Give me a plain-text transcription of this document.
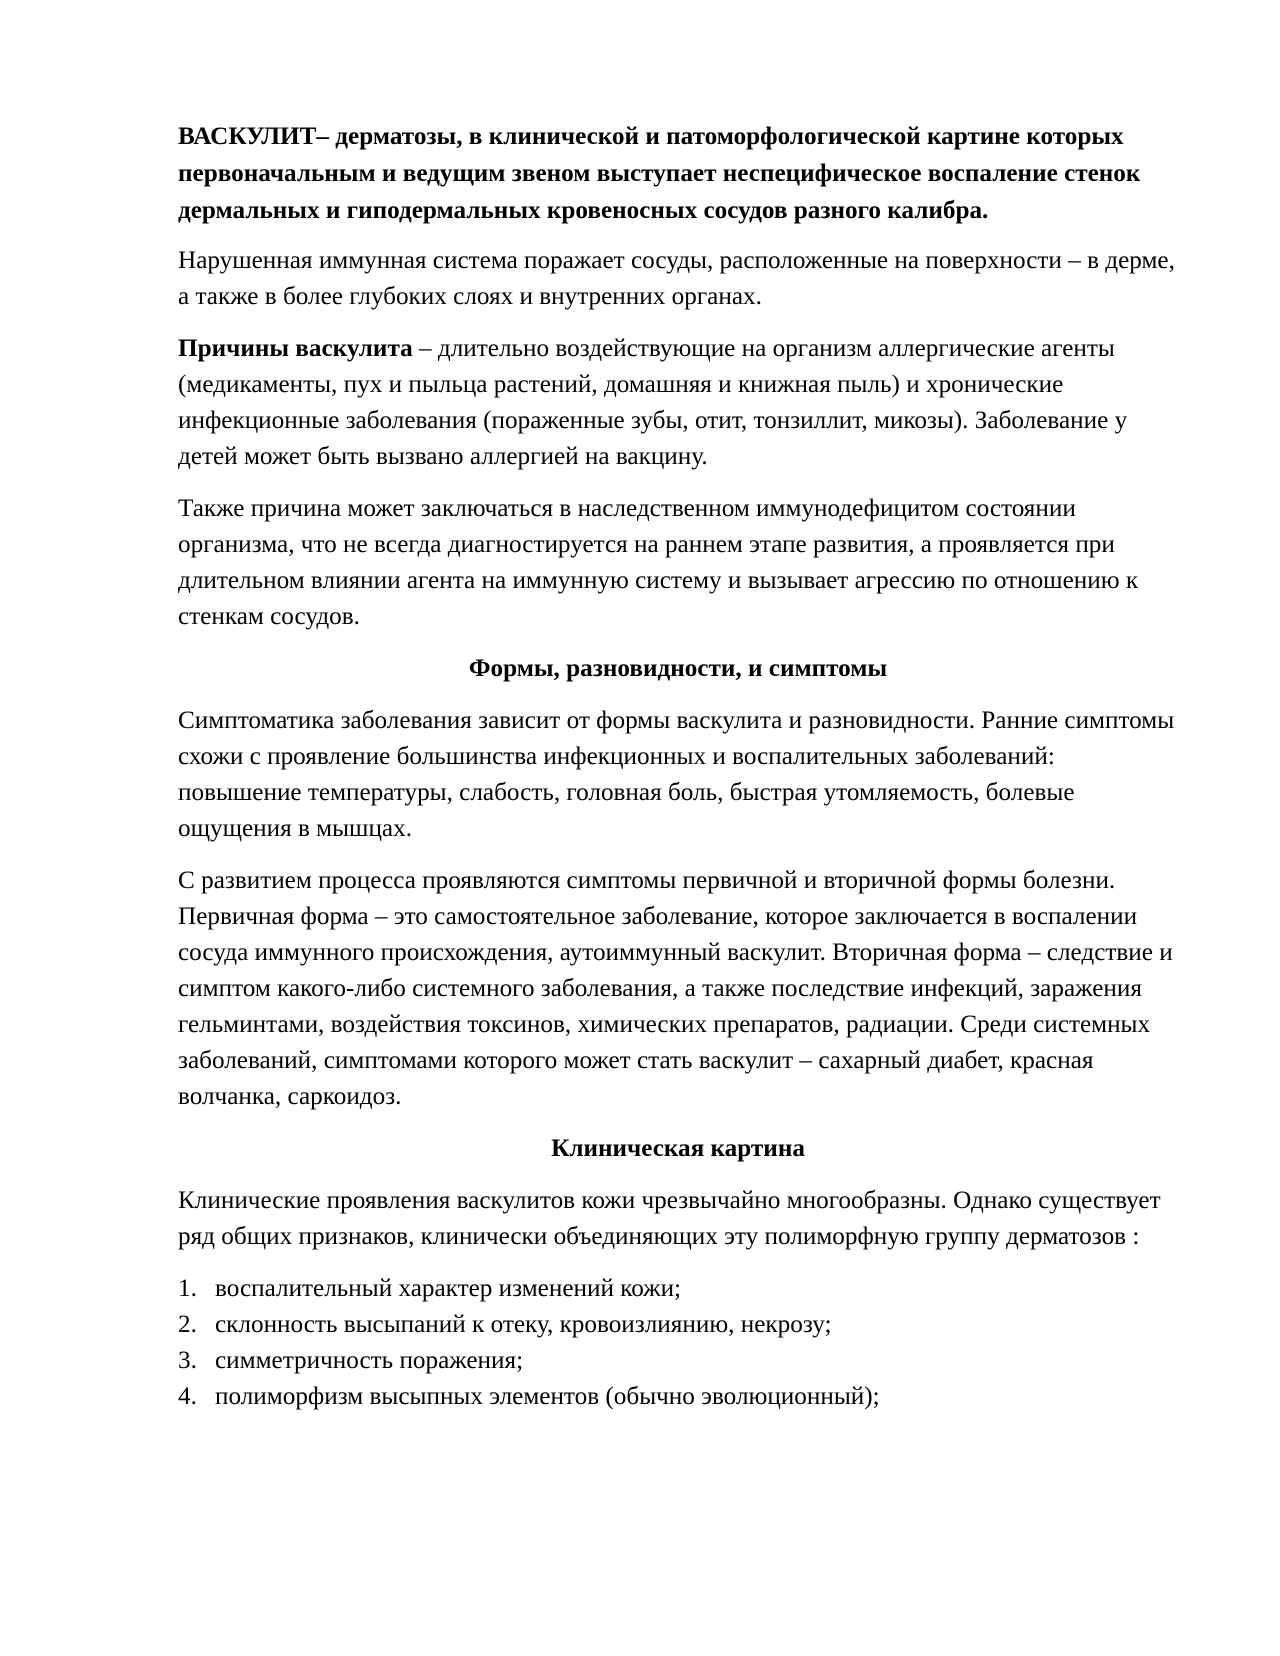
ВАСКУЛИТ– дерматозы, в клинической и патоморфологической картине которых первоначальным и ведущим звеном выступает неспецифическое воспаление стенок дермальных и гиподермальных кровеносных сосудов разного калибра.

Нарушенная иммунная система поражает сосуды, расположенные на поверхности – в дерме, а также в более глубоких слоях и внутренних органах.

Причины васкулита – длительно воздействующие на организм аллергические агенты (медикаменты, пух и пыльца растений, домашняя и книжная пыль) и хронические инфекционные заболевания (пораженные зубы, отит, тонзиллит, микозы). Заболевание у детей может быть вызвано аллергией на вакцину.

Также причина может заключаться в наследственном иммунодефицитом состоянии организма, что не всегда диагностируется на раннем этапе развития, а проявляется при длительном влиянии агента на иммунную систему и вызывает агрессию по отношению к стенкам сосудов.

Формы, разновидности, и симптомы

Симптоматика заболевания зависит от формы васкулита и разновидности. Ранние симптомы схожи с проявление большинства инфекционных и воспалительных заболеваний: повышение температуры, слабость, головная боль, быстрая утомляемость, болевые ощущения в мышцах.

С развитием процесса проявляются симптомы первичной и вторичной формы болезни. Первичная форма – это самостоятельное заболевание, которое заключается в воспалении сосуда иммунного происхождения, аутоиммунный васкулит. Вторичная форма – следствие и симптом какого-либо системного заболевания, а также последствие инфекций, заражения гельминтами, воздействия токсинов, химических препаратов, радиации. Среди системных заболеваний, симптомами которого может стать васкулит – сахарный диабет, красная волчанка, саркоидоз.

Клиническая картина

Клинические проявления васкулитов кожи чрезвычайно многообразны. Однако существует ряд общих признаков, клинически объединяющих эту полиморфную группу дерматозов :

1. воспалительный характер изменений кожи;
2. склонность высыпаний к отеку, кровоизлиянию, некрозу;
3. симметричность поражения;
4. полиморфизм высыпных элементов (обычно эволюционный);
